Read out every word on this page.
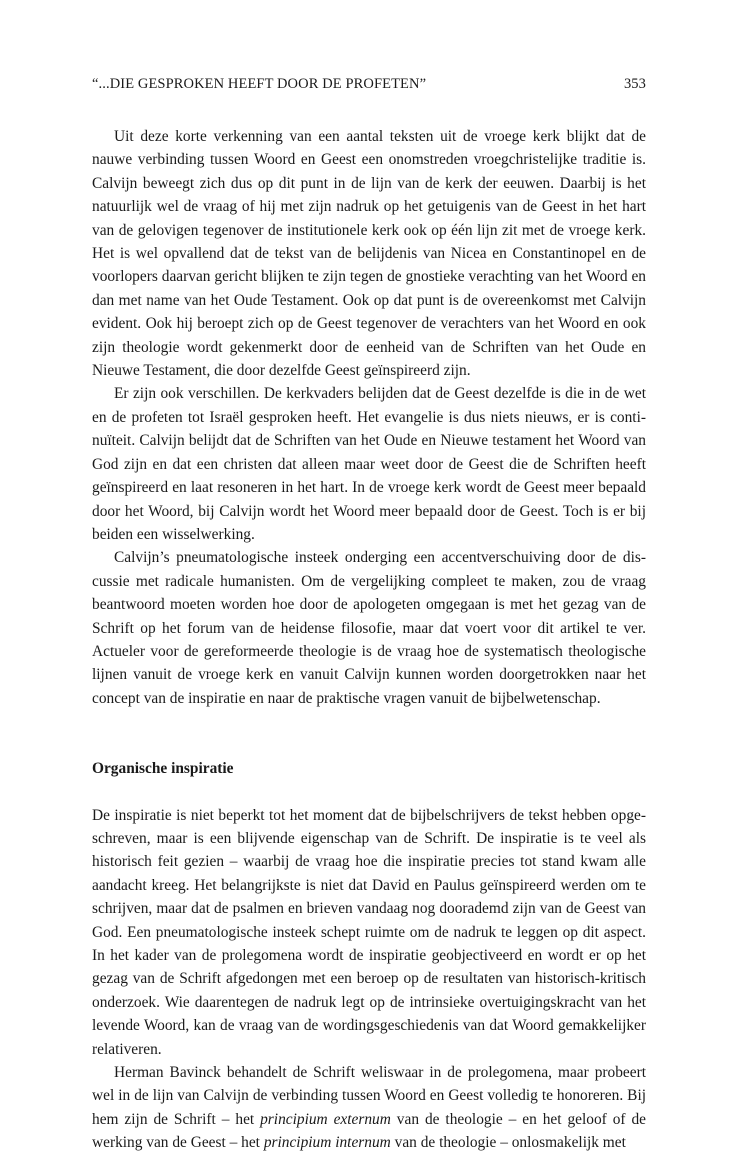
“...DIE GESPROKEN HEEFT DOOR DE PROFETEN”	353

Uit deze korte verkenning van een aantal teksten uit de vroege kerk blijkt dat de nauwe verbinding tussen Woord en Geest een onomstreden vroegchristelijke traditie is. Calvijn beweegt zich dus op dit punt in de lijn van de kerk der eeuwen. Daarbij is het natuurlijk wel de vraag of hij met zijn nadruk op het getuigenis van de Geest in het hart van de gelovigen tegenover de institutionele kerk ook op één lijn zit met de vroege kerk. Het is wel opvallend dat de tekst van de belijdenis van Nicea en Constantinopel en de voorlopers daarvan gericht blijken te zijn tegen de gnostieke verachting van het Woord en dan met name van het Oude Testament. Ook op dat punt is de overeenkomst met Calvijn evident. Ook hij beroept zich op de Geest tegenover de verachters van het Woord en ook zijn theologie wordt gekenmerkt door de eenheid van de Schriften van het Oude en Nieuwe Testament, die door dezelfde Geest geïnspireerd zijn.

Er zijn ook verschillen. De kerkvaders belijden dat de Geest dezelfde is die in de wet en de profeten tot Israël gesproken heeft. Het evangelie is dus niets nieuws, er is continuïteit. Calvijn belijdt dat de Schriften van het Oude en Nieuwe testament het Woord van God zijn en dat een christen dat alleen maar weet door de Geest die de Schriften heeft geïnspireerd en laat resoneren in het hart. In de vroege kerk wordt de Geest meer bepaald door het Woord, bij Calvijn wordt het Woord meer bepaald door de Geest. Toch is er bij beiden een wisselwerking.

Calvijn’s pneumatologische insteek onderging een accentverschuiving door de discussie met radicale humanisten. Om de vergelijking compleet te maken, zou de vraag beantwoord moeten worden hoe door de apologeten omgegaan is met het gezag van de Schrift op het forum van de heidense filosofie, maar dat voert voor dit artikel te ver. Actueler voor de gereformeerde theologie is de vraag hoe de systematisch theologische lijnen vanuit de vroege kerk en vanuit Calvijn kunnen worden doorgetrokken naar het concept van de inspiratie en naar de praktische vragen vanuit de bijbelwetenschap.

Organische inspiratie

De inspiratie is niet beperkt tot het moment dat de bijbelschrijvers de tekst hebben opgeschreven, maar is een blijvende eigenschap van de Schrift. De inspiratie is te veel als historisch feit gezien – waarbij de vraag hoe die inspiratie precies tot stand kwam alle aandacht kreeg. Het belangrijkste is niet dat David en Paulus geïnspireerd werden om te schrijven, maar dat de psalmen en brieven vandaag nog doorademd zijn van de Geest van God. Een pneumatologische insteek schept ruimte om de nadruk te leggen op dit aspect. In het kader van de prolegomena wordt de inspiratie geobjectiveerd en wordt er op het gezag van de Schrift afgedongen met een beroep op de resultaten van historisch-kritisch onderzoek. Wie daarentegen de nadruk legt op de intrinsieke overtuigingskracht van het levende Woord, kan de vraag van de wordingsgeschiedenis van dat Woord gemakkelijker relativeren.

Herman Bavinck behandelt de Schrift weliswaar in de prolegomena, maar probeert wel in de lijn van Calvijn de verbinding tussen Woord en Geest volledig te honoreren. Bij hem zijn de Schrift – het principium externum van de theologie – en het geloof of de werking van de Geest – het principium internum van de theologie – onlosmakelijk met
